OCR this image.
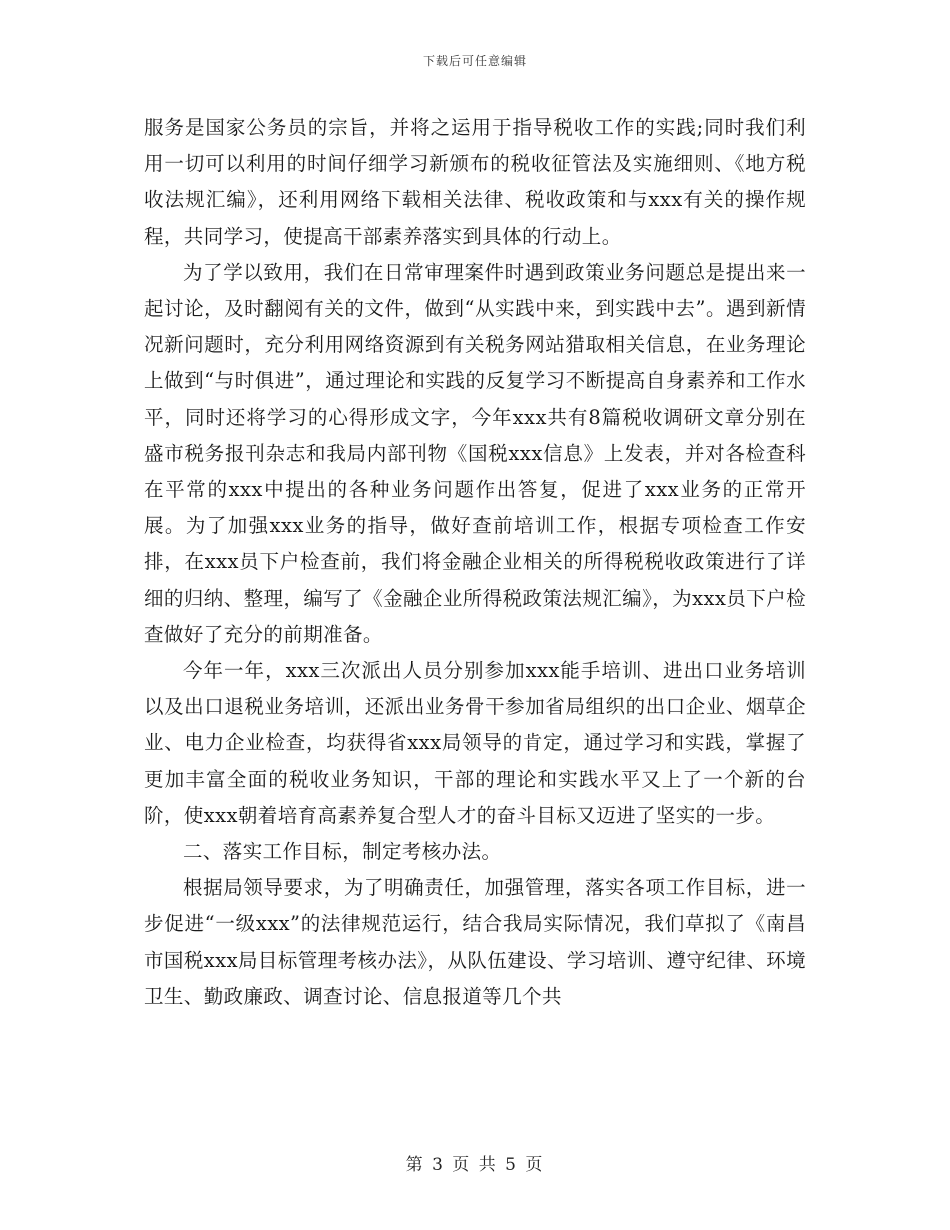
下载后可任意编辑

服务是国家公务员的宗旨，并将之运用于指导税收工作的实践;同时我们利用一切可以利用的时间仔细学习新颁布的税收征管法及实施细则、《地方税收法规汇编》，还利用网络下载相关法律、税收政策和与xxx有关的操作规程，共同学习，使提高干部素养落实到具体的行动上。

为了学以致用，我们在日常审理案件时遇到政策业务问题总是提出来一起讨论，及时翻阅有关的文件，做到“从实践中来，到实践中去”。遇到新情况新问题时，充分利用网络资源到有关税务网站猎取相关信息，在业务理论上做到“与时俱进”，通过理论和实践的反复学习不断提高自身素养和工作水平，同时还将学习的心得形成文字，今年xxx共有8篇税收调研文章分别在盛市税务报刊杂志和我局内部刊物《国税xxx信息》上发表，并对各检查科在平常的xxx中提出的各种业务问题作出答复，促进了xxx业务的正常开展。为了加强xxx业务的指导，做好查前培训工作，根据专项检查工作安排，在xxx员下户检查前，我们将金融企业相关的所得税税收政策进行了详细的归纳、整理，编写了《金融企业所得税政策法规汇编》，为xxx员下户检查做好了充分的前期准备。

今年一年，xxx三次派出人员分别参加xxx能手培训、进出口业务培训以及出口退税业务培训，还派出业务骨干参加省局组织的出口企业、烟草企业、电力企业检查，均获得省xxx局领导的肯定，通过学习和实践，掌握了更加丰富全面的税收业务知识，干部的理论和实践水平又上了一个新的台阶，使xxx朝着培育高素养复合型人才的奋斗目标又迈进了坚实的一步。

二、落实工作目标，制定考核办法。

根据局领导要求，为了明确责任，加强管理，落实各项工作目标，进一步促进“一级xxx”的法律规范运行，结合我局实际情况，我们草拟了《南昌市国税xxx局目标管理考核办法》，从队伍建设、学习培训、遵守纪律、环境卫生、勤政廉政、调查讨论、信息报道等几个共

第 3 页 共 5 页
